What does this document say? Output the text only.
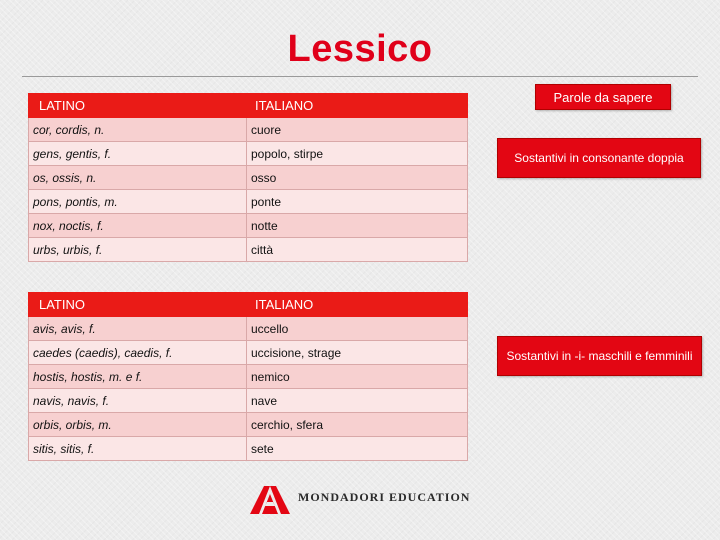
Lessico
LATINO	ITALIANO
cor, cordis, n.	cuore
gens, gentis, f.	popolo, stirpe
os, ossis, n.	osso
pons, pontis, m.	ponte
nox, noctis, f.	notte
urbs, urbis, f.	città
LATINO	ITALIANO
avis, avis, f.	uccello
caedes (caedis), caedis, f.	uccisione, strage
hostis, hostis, m. e f.	nemico
navis, navis, f.	nave
orbis, orbis, m.	cerchio, sfera
sitis, sitis, f.	sete
Parole da sapere
Sostantivi in consonante doppia
Sostantivi in -i- maschili e femminili
MONDADORI EDUCATION
